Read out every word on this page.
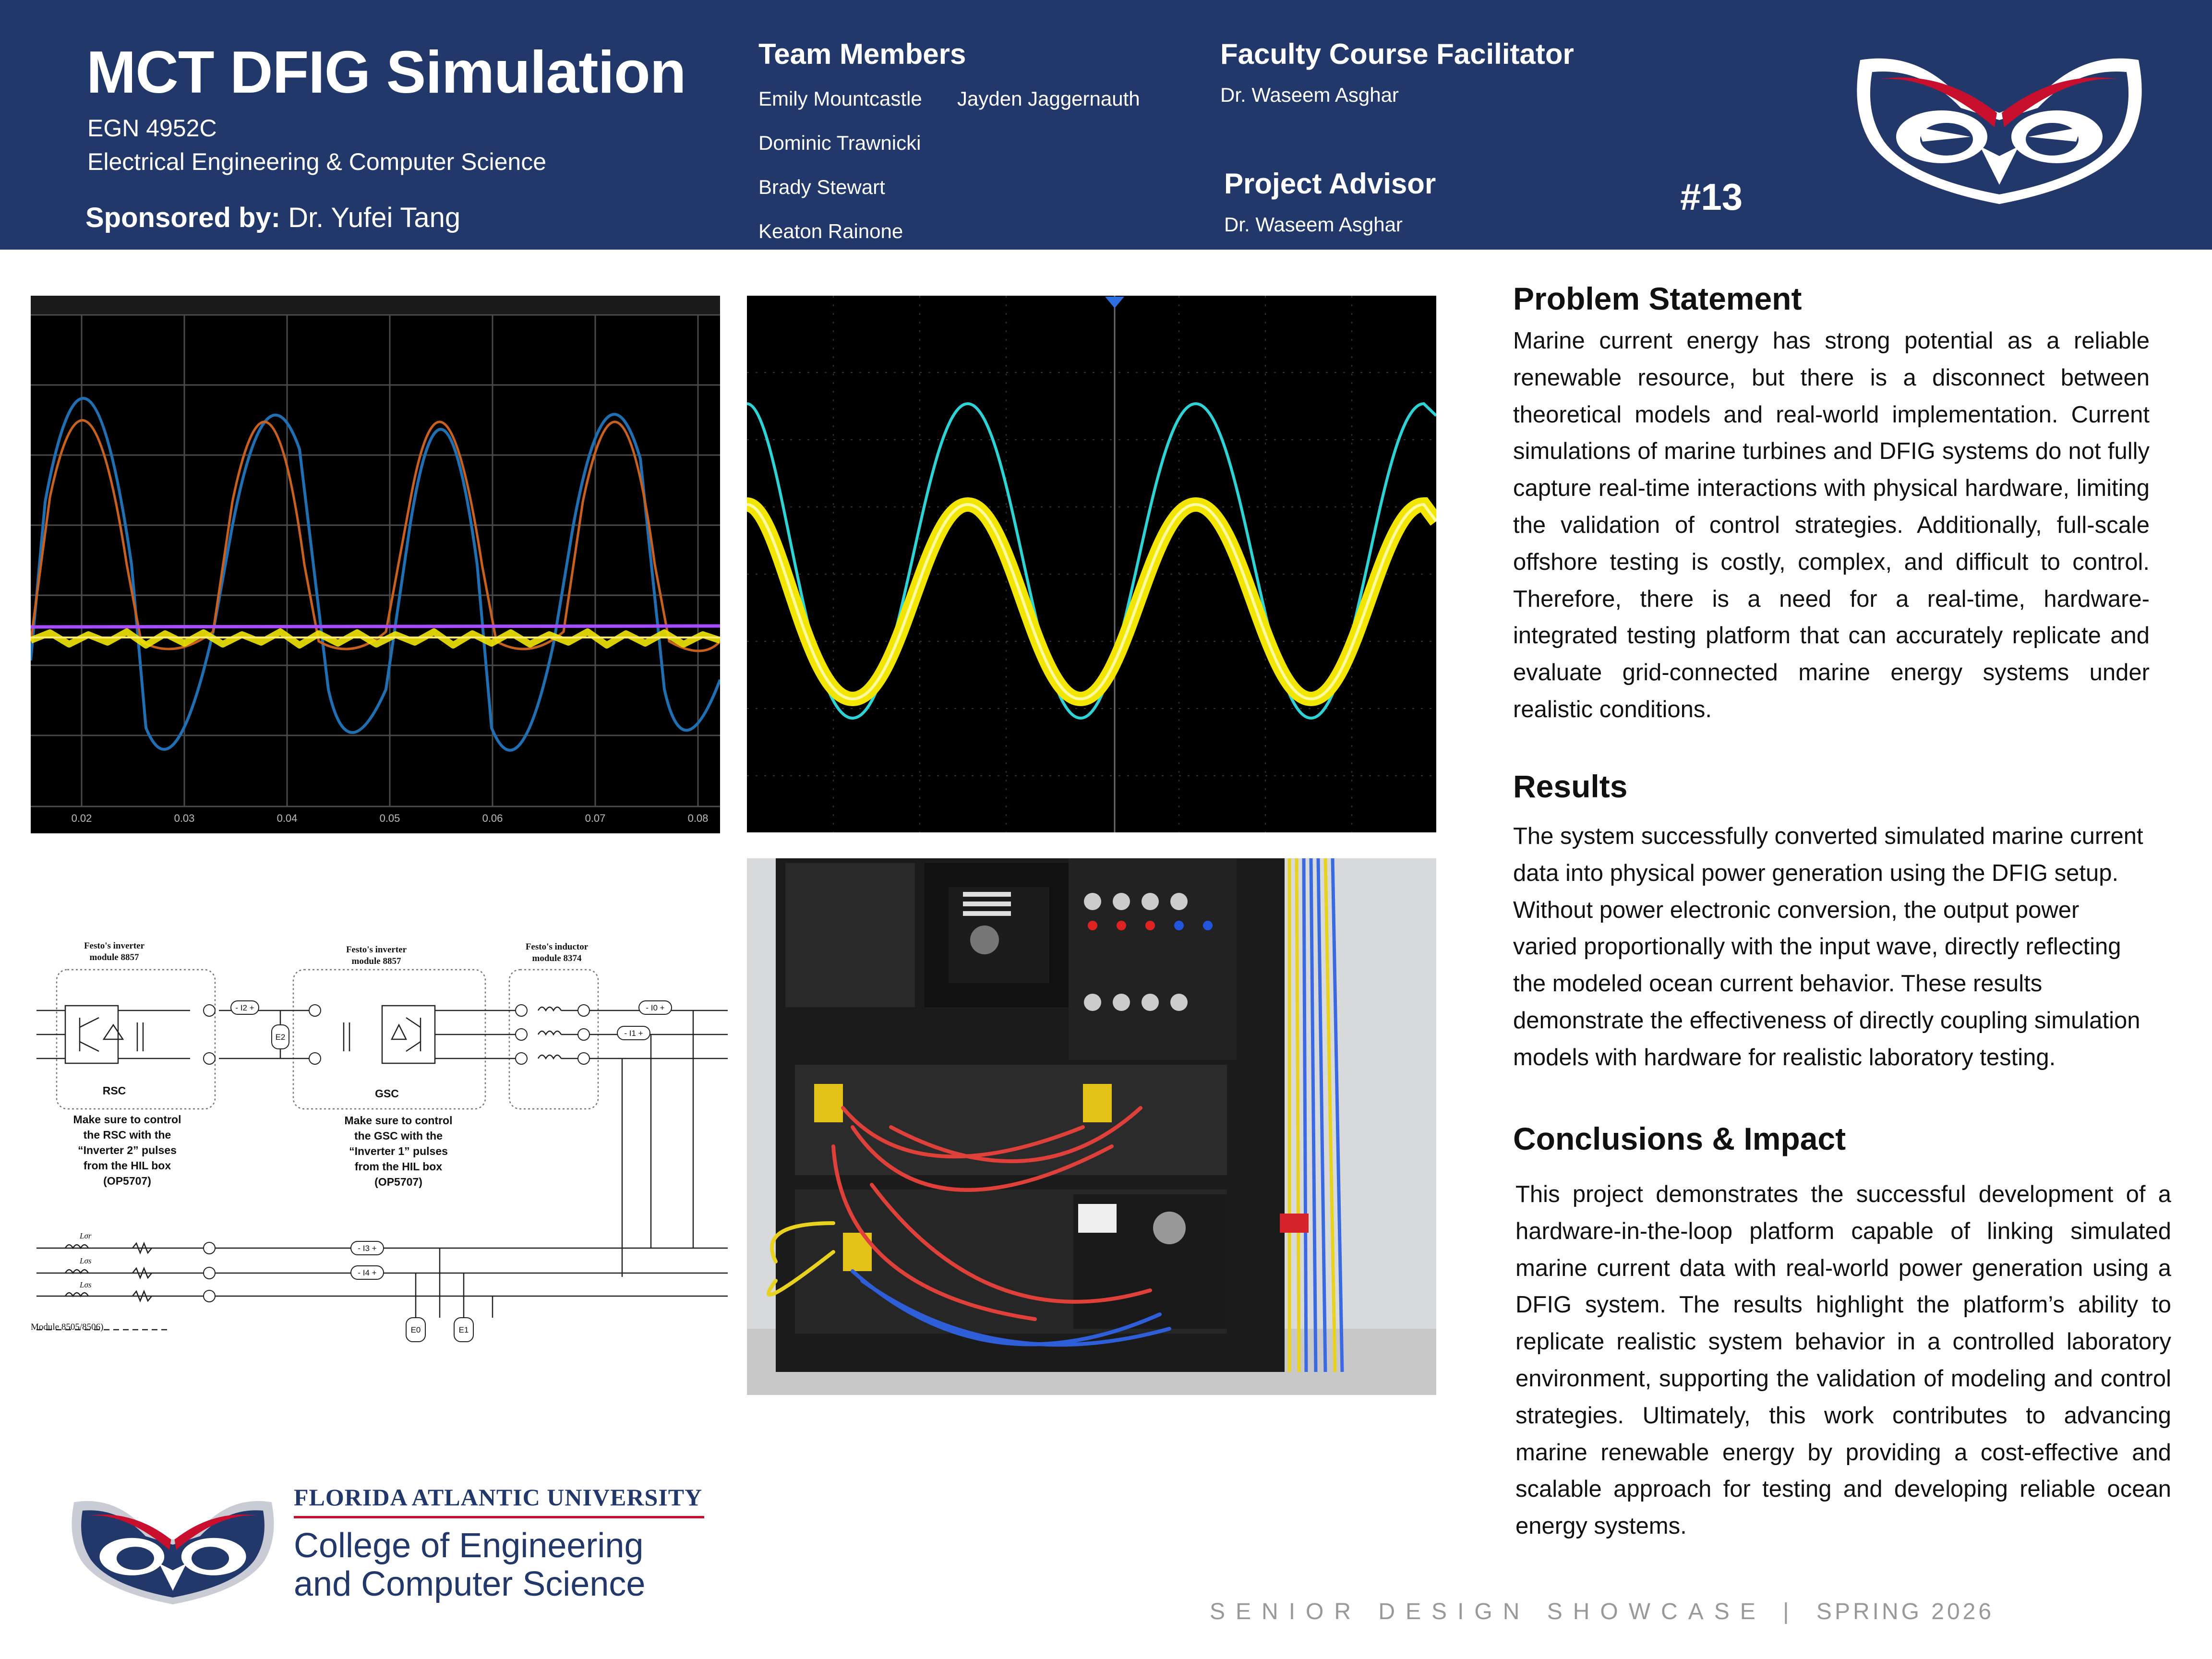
MCT DFIG Simulation
EGN 4952C
Electrical Engineering & Computer Science
Sponsored by: Dr. Yufei Tang
Team Members
Emily Mountcastle Jayden Jaggernauth
Dominic Trawnicki
Brady Stewart
Keaton Rainone
Faculty Course Facilitator
Dr. Waseem Asghar
Project Advisor
Dr. Waseem Asghar
#13
0.02	0.03	0.04	0.05	0.06	0.07	0.08
- I2 +	- I0 +
- I1 +
- I3 +
- I4 +
E2
E0	E1
Lσr
Lσs
Lσs
Festo's inverter
module 8857
Festo's inverter
module 8857
Festo's inductor
module 8374
RSC	GSC
Make sure to control
the RSC with the
“Inverter 2” pulses
from the HIL box
(OP5707)
Make sure to control
the GSC with the
“Inverter 1” pulses
from the HIL box
(OP5707)
Module 8505/8506)
Problem Statement
Marine current energy has strong potential as a reliable renewable resource, but there is a disconnect between theoretical models and real-world implementation. Current simulations of marine turbines and DFIG systems do not fully capture real-time interactions with physical hardware, limiting the validation of control strategies. Additionally, full-scale offshore testing is costly, complex, and difficult to control. Therefore, there is a need for a real-time, hardware-integrated testing platform that can accurately replicate and evaluate grid-connected marine energy systems under realistic conditions.
Results
The system successfully converted simulated marine current data into physical power generation using the DFIG setup. Without power electronic conversion, the output power varied proportionally with the input wave, directly reflecting the modeled ocean current behavior. These results demonstrate the effectiveness of directly coupling simulation models with hardware for realistic laboratory testing.
Conclusions & Impact
This project demonstrates the successful development of a hardware-in-the-loop platform capable of linking simulated marine current data with real-world power generation using a DFIG system. The results highlight the platform’s ability to replicate realistic system behavior in a controlled laboratory environment, supporting the validation of modeling and control strategies. Ultimately, this work contributes to advancing marine renewable energy by providing a cost-effective and scalable approach for testing and developing reliable ocean energy systems.
FLORIDA ATLANTIC UNIVERSITY
College of Engineering
and Computer Science
SENIOR DESIGN SHOWCASE | SPRING 2026
